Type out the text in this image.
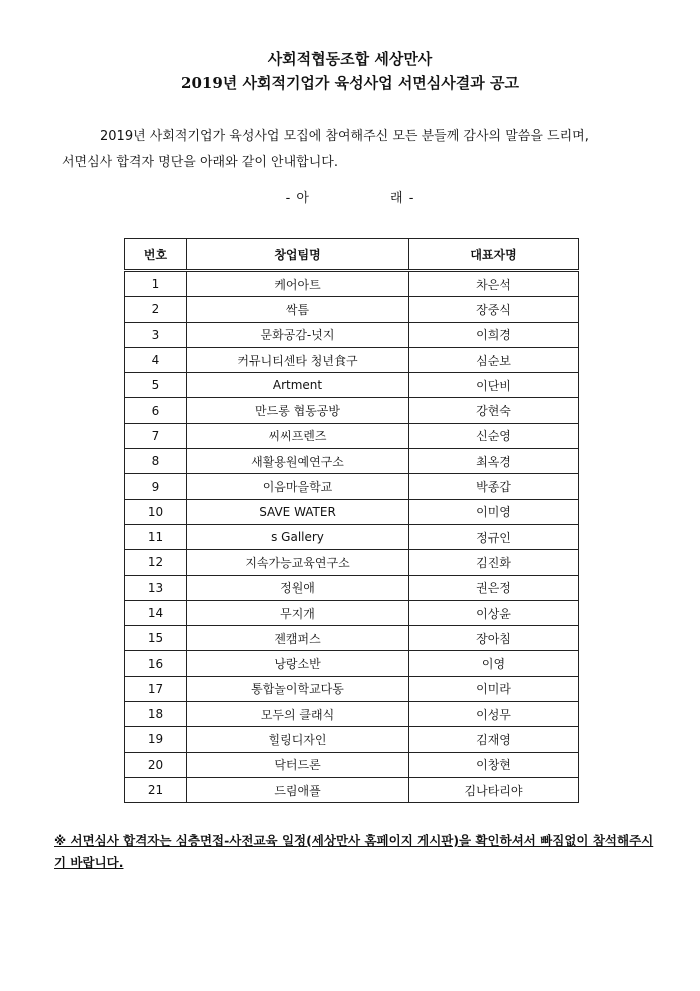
사회적협동조합 세상만사
2019년 사회적기업가 육성사업 서면심사결과 공고

2019년 사회적기업가 육성사업 모집에 참여해주신 모든 분들께 감사의 말씀을 드리며,
서면심사 합격자 명단을 아래와 같이 안내합니다.

- 아	래 -

번호	창업팀명	대표자명
1	케어아트	차은석
2	싹틈	장중식
3	문화공감-넛지	이희경
4	커뮤니티센타 청년食구	심순보
5	Artment	이단비
6	만드롱 협동공방	강현숙
7	씨씨프렌즈	신순영
8	새활용원예연구소	최옥경
9	이음마을학교	박종갑
10	SAVE WATER	이미영
11	s Gallery	정규인
12	지속가능교육연구소	김진화
13	정원애	권은정
14	무지개	이상윤
15	젠캠퍼스	장아침
16	낭랑소반	이영
17	통합놀이학교다동	이미라
18	모두의 클래식	이성무
19	힐링디자인	김재영
20	닥터드론	이창현
21	드림애플	김나타리야

※ 서면심사 합격자는 심층면접-사전교육 일정(세상만사 홈페이지 게시판)을 확인하셔서 빠짐없이 참석해주시기 바랍니다.
